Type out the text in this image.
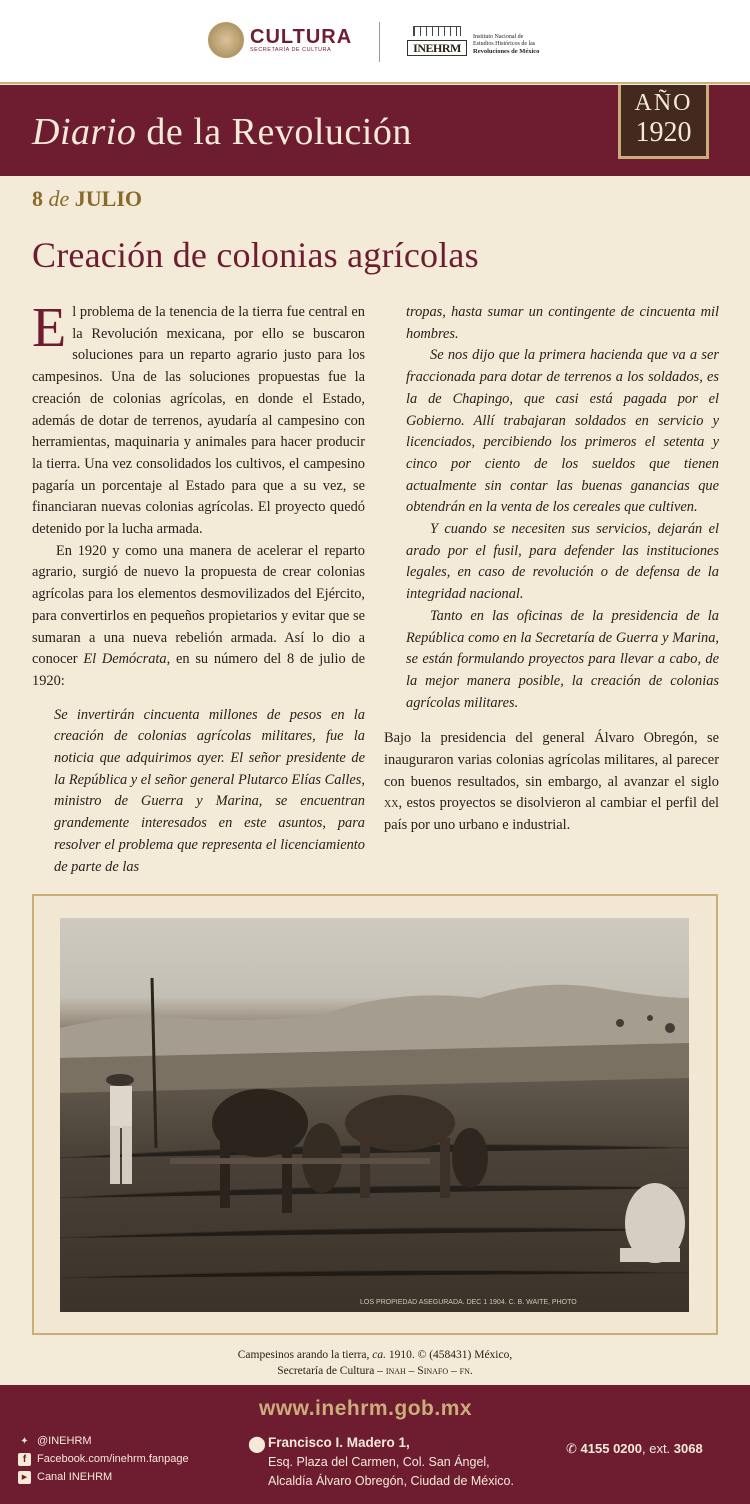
CULTURA
SECRETARÍA DE CULTURA	INEHRM
Instituto Nacional de
Estudios Históricos de las
Revoluciones de México
Diario de la Revolución
AÑO
1920
8 de JULIO
Creación de colonias agrícolas

El problema de la tenencia de la tierra fue central en la Revolución mexicana, por ello se buscaron soluciones para un reparto agrario justo para los campesinos. Una de las soluciones propuestas fue la creación de colonias agrícolas, en donde el Estado, además de dotar de terrenos, ayudaría al campesino con herramientas, maquinaria y animales para hacer producir la tierra. Una vez consolidados los cultivos, el campesino pagaría un porcentaje al Estado para que a su vez, se financiaran nuevas colonias agrícolas. El proyecto quedó detenido por la lucha armada.

En 1920 y como una manera de acelerar el reparto agrario, surgió de nuevo la propuesta de crear colonias agrícolas para los elementos desmovilizados del Ejército, para convertirlos en pequeños propietarios y evitar que se sumaran a una nueva rebelión armada. Así lo dio a conocer El Demócrata, en su número del 8 de julio de 1920:

Se invertirán cincuenta millones de pesos en la creación de colonias agrícolas militares, fue la noticia que adquirimos ayer. El señor presidente de la República y el señor general Plutarco Elías Calles, ministro de Guerra y Marina, se encuentran grandemente interesados en este asuntos, para resolver el problema que representa el licenciamiento de parte de las

tropas, hasta sumar un contingente de cincuenta mil hombres.

Se nos dijo que la primera hacienda que va a ser fraccionada para dotar de terrenos a los soldados, es la de Chapingo, que casi está pagada por el Gobierno. Allí trabajaran soldados en servicio y licenciados, percibiendo los primeros el setenta y cinco por ciento de los sueldos que tienen actualmente sin contar las buenas ganancias que obtendrán en la venta de los cereales que cultiven.

Y cuando se necesiten sus servicios, dejarán el arado por el fusil, para defender las instituciones legales, en caso de revolución o de defensa de la integridad nacional.

Tanto en las oficinas de la presidencia de la República como en la Secretaría de Guerra y Marina, se están formulando proyectos para llevar a cabo, de la mejor manera posible, la creación de colonias agrícolas militares.

Bajo la presidencia del general Álvaro Obregón, se inauguraron varias colonias agrícolas militares, al parecer con buenos resultados, sin embargo, al avanzar el siglo xx, estos proyectos se disolvieron al cambiar el perfil del país por uno urbano e industrial.

LOS PROPIEDAD ASEGURADA. DEC 1 1904. C. B. WAITE, PHOTO
Campesinos arando la tierra, ca. 1910. © (458431) México,
Secretaría de Cultura – inah – Sinafo – fn.
www.inehrm.gob.mx
✦ @INEHRM
f Facebook.com/inehrm.fanpage
▶ Canal INEHRM
⬤ Francisco I. Madero 1,
Esq. Plaza del Carmen, Col. San Ángel,
Alcaldía Álvaro Obregón, Ciudad de México.
✆ 4155 0200, ext. 3068
